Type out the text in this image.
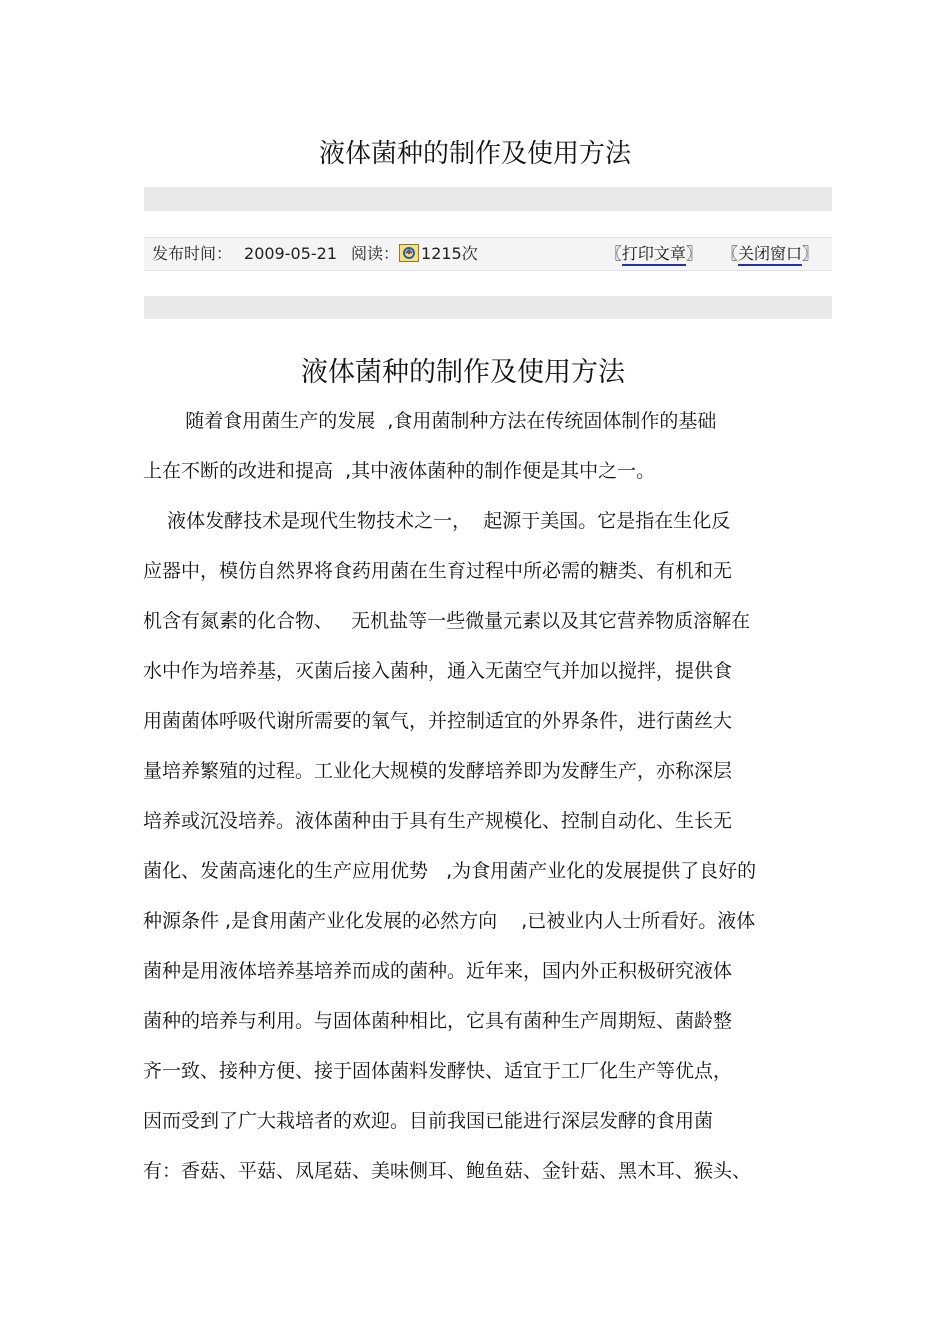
液体菌种的制作及使用方法
发布时间： 2009-05-21 阅读： 1215次	〖打印文章〗 〖关闭窗口〗
液体菌种的制作及使用方法
随着食用菌生产的发展  ,食用菌制种方法在传统固体制作的基础
上在不断的改进和提高  ,其中液体菌种的制作便是其中之一。
液体发酵技术是现代生物技术之一，  起源于美国。它是指在生化反
应器中，模仿自然界将食药用菌在生育过程中所必需的糖类、有机和无
机含有氮素的化合物、   无机盐等一些微量元素以及其它营养物质溶解在
水中作为培养基，灭菌后接入菌种，通入无菌空气并加以搅拌，提供食
用菌菌体呼吸代谢所需要的氧气，并控制适宜的外界条件，进行菌丝大
量培养繁殖的过程。工业化大规模的发酵培养即为发酵生产，亦称深层
培养或沉没培养。液体菌种由于具有生产规模化、控制自动化、生长无
菌化、发菌高速化的生产应用优势   ,为食用菌产业化的发展提供了良好的
种源条件 ,是食用菌产业化发展的必然方向    ,已被业内人士所看好。液体
菌种是用液体培养基培养而成的菌种。近年来，国内外正积极研究液体
菌种的培养与利用。与固体菌种相比，它具有菌种生产周期短、菌龄整
齐一致、接种方便、接于固体菌料发酵快、适宜于工厂化生产等优点，
因而受到了广大栽培者的欢迎。目前我国已能进行深层发酵的食用菌
有：香菇、平菇、凤尾菇、美味侧耳、鲍鱼菇、金针菇、黑木耳、猴头、
